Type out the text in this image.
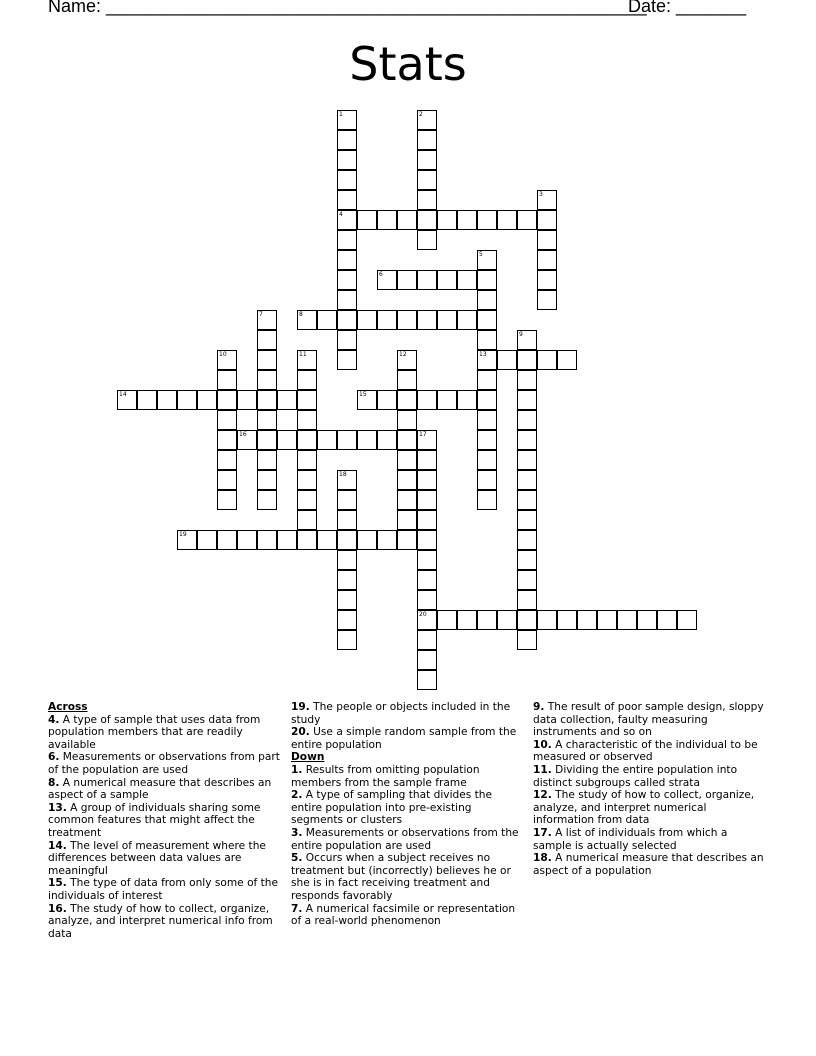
Name: ______________________________________________________
Date: _______
Stats
1
4
2
3
5
13
6
7	8
9
10	11	12
14	15
16	17
20
18
19
Across
4. A type of sample that uses data from population members that are readily available
6. Measurements or observations from part of the population are used
8. A numerical measure that describes an aspect of a sample
13. A group of individuals sharing some common features that might affect the treatment
14. The level of measurement where the differences between data values are meaningful
15. The type of data from only some of the individuals of interest
16. The study of how to collect, organize, analyze, and interpret numerical info from data
19. The people or objects included in the study
20. Use a simple random sample from the entire population
Down
1. Results from omitting population members from the sample frame
2. A type of sampling that divides the entire population into pre-existing segments or clusters
3. Measurements or observations from the entire population are used
5. Occurs when a subject receives no treatment but (incorrectly) believes he or she is in fact receiving treatment and responds favorably
7. A numerical facsimile or representation of a real-world phenomenon
9. The result of poor sample design, sloppy data collection, faulty measuring instruments and so on
10. A characteristic of the individual to be measured or observed
11. Dividing the entire population into distinct subgroups called strata
12. The study of how to collect, organize, analyze, and interpret numerical information from data
17. A list of individuals from which a sample is actually selected
18. A numerical measure that describes an aspect of a population
